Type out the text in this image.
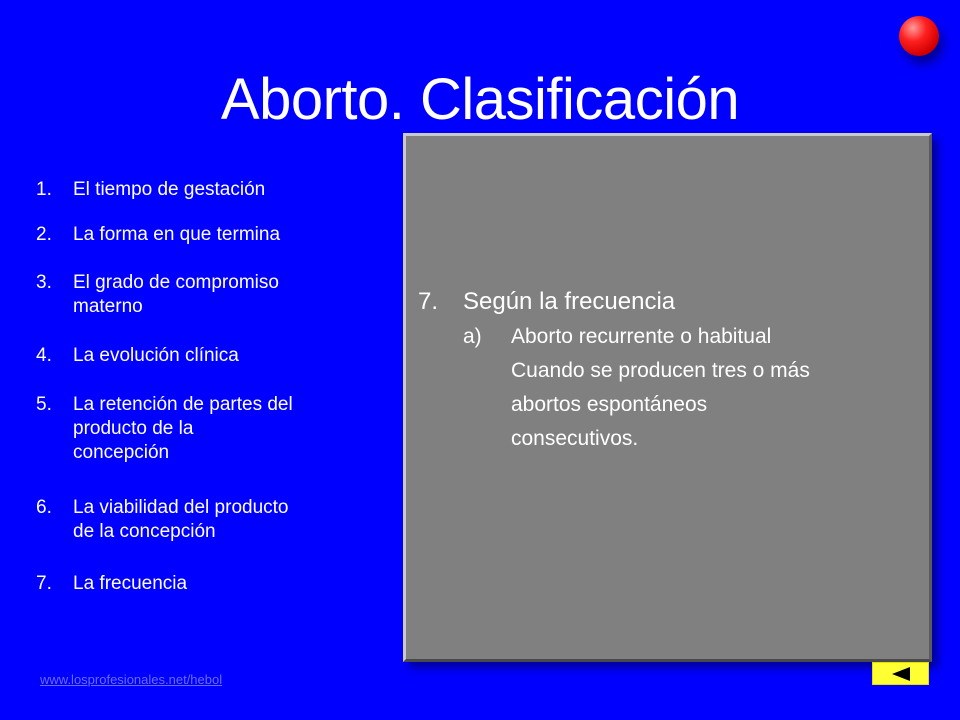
Aborto. Clasificación
1.	El tiempo de gestación
2.	La forma en que termina
3.	El grado de compromiso
materno
4.	La evolución clínica
5.	La retención de partes del
producto de la
concepción
6.	La viabilidad del producto
de la concepción
7.	La frecuencia
7.	Según la frecuencia
a) Aborto recurrente o habitual
Cuando se producen tres o más
abortos espontáneos
consecutivos.
www.losprofesionales.net/hebol
